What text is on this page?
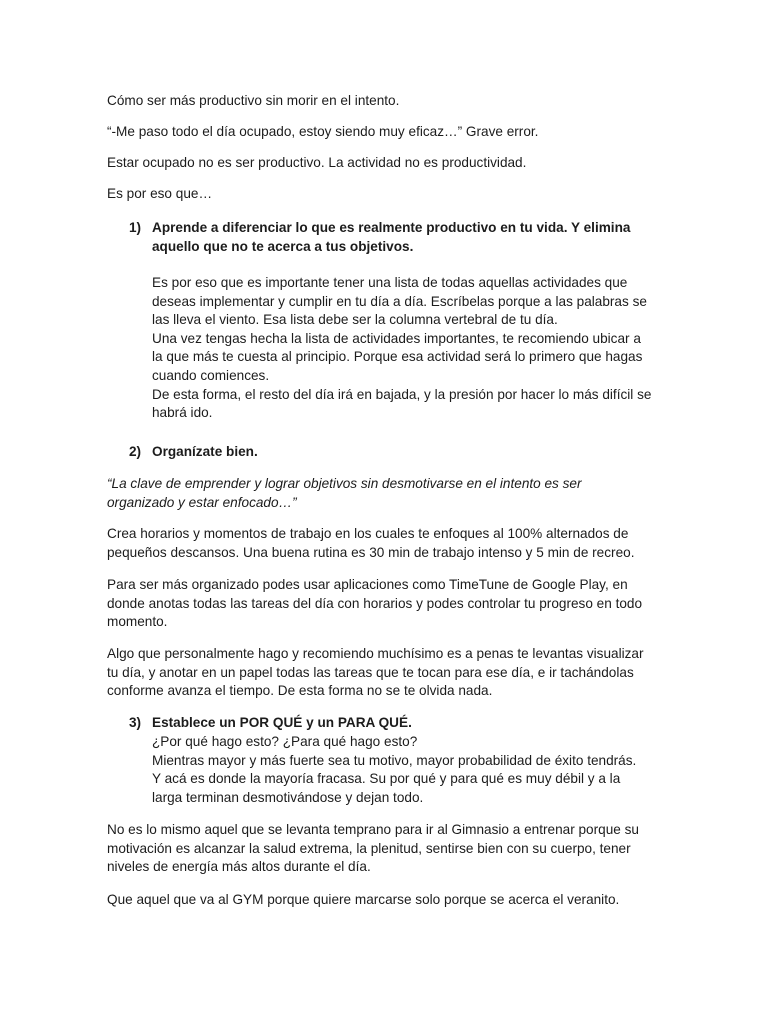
Cómo ser más productivo sin morir en el intento.

“-Me paso todo el día ocupado, estoy siendo muy eficaz…” Grave error.

Estar ocupado no es ser productivo. La actividad no es productividad.

Es por eso que…

1) Aprende a diferenciar lo que es realmente productivo en tu vida. Y elimina
aquello que no te acerca a tus objetivos.
Es por eso que es importante tener una lista de todas aquellas actividades que
deseas implementar y cumplir en tu día a día. Escríbelas porque a las palabras se
las lleva el viento. Esa lista debe ser la columna vertebral de tu día.
Una vez tengas hecha la lista de actividades importantes, te recomiendo ubicar a
la que más te cuesta al principio. Porque esa actividad será lo primero que hagas
cuando comiences.
De esta forma, el resto del día irá en bajada, y la presión por hacer lo más difícil se
habrá ido.
2) Organízate bien.
“La clave de emprender y lograr objetivos sin desmotivarse en el intento es ser
organizado y estar enfocado…”
Crea horarios y momentos de trabajo en los cuales te enfoques al 100% alternados de
pequeños descansos. Una buena rutina es 30 min de trabajo intenso y 5 min de recreo.
Para ser más organizado podes usar aplicaciones como TimeTune de Google Play, en
donde anotas todas las tareas del día con horarios y podes controlar tu progreso en todo
momento.
Algo que personalmente hago y recomiendo muchísimo es a penas te levantas visualizar
tu día, y anotar en un papel todas las tareas que te tocan para ese día, e ir tachándolas
conforme avanza el tiempo. De esta forma no se te olvida nada.
3) Establece un POR QUÉ y un PARA QUÉ.
¿Por qué hago esto? ¿Para qué hago esto?
Mientras mayor y más fuerte sea tu motivo, mayor probabilidad de éxito tendrás.
Y acá es donde la mayoría fracasa. Su por qué y para qué es muy débil y a la
larga terminan desmotivándose y dejan todo.
No es lo mismo aquel que se levanta temprano para ir al Gimnasio a entrenar porque su
motivación es alcanzar la salud extrema, la plenitud, sentirse bien con su cuerpo, tener
niveles de energía más altos durante el día.

Que aquel que va al GYM porque quiere marcarse solo porque se acerca el veranito.
